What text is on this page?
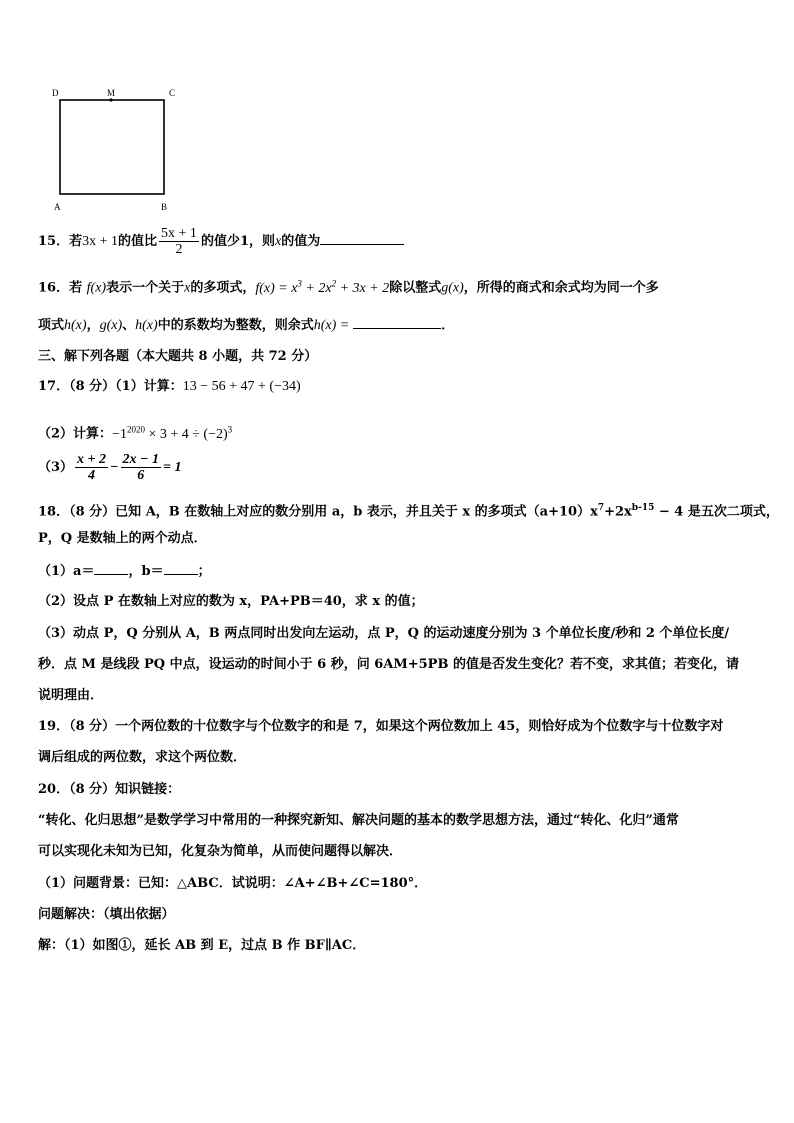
D	M	C
A	B
15．若3x + 1的值比 $\frac{5x + 1}{2}$ 的值少1，则x的值为
16．若 f(x)表示一个关于x的多项式，$f(x) = x^3 + 2x^2 + 3x + 2$除以整式g(x)，所得的商式和余式均为同一个多
项式h(x)，g(x)、h(x)中的系数均为整数，则余式h(x) =	．
三、解下列各题（本大题共 8 小题，共 72 分）
17．（8 分）（1）计算：13 − 56 + 47 + (−34)
（2）计算：$-1^{2020} \times 3 + 4 \div (-2)^3$
$(3) \frac{x + 2}{4} - \frac{2x - 1}{6} = 1$
18．（8 分）已知 A，B 在数轴上对应的数分别用 a，b 表示，并且关于 x 的多项式$(a+10)x^7+2x^{b-15} - 4$ 是五次二项式，
P，Q 是数轴上的两个动点．
（1）a＝	，b＝	；
（2）设点 P 在数轴上对应的数为 x，PA+PB＝40，求 x 的值；
（3）动点 P，Q 分别从 A，B 两点同时出发向左运动，点 P，Q 的运动速度分别为 3 个单位长度/秒和 2 个单位长度/
秒．点 M 是线段 PQ 中点，设运动的时间小于 6 秒，问 6AM+5PB 的值是否发生变化？若不变，求其值；若变化，请
说明理由．
19．（8 分）一个两位数的十位数字与个位数字的和是 7，如果这个两位数加上 45，则恰好成为个位数字与十位数字对
调后组成的两位数，求这个两位数．
20．（8 分）知识链接：
“转化、化归思想”是数学学习中常用的一种探究新知、解决问题的基本的数学思想方法，通过“转化、化归”通常
可以实现化未知为已知，化复杂为简单，从而使问题得以解决．
（1）问题背景：已知：△ABC．试说明：∠A+∠B+∠C=180°．
问题解决：（填出依据）
解：（1）如图①，延长 AB 到 E，过点 B 作 BF∥AC．
